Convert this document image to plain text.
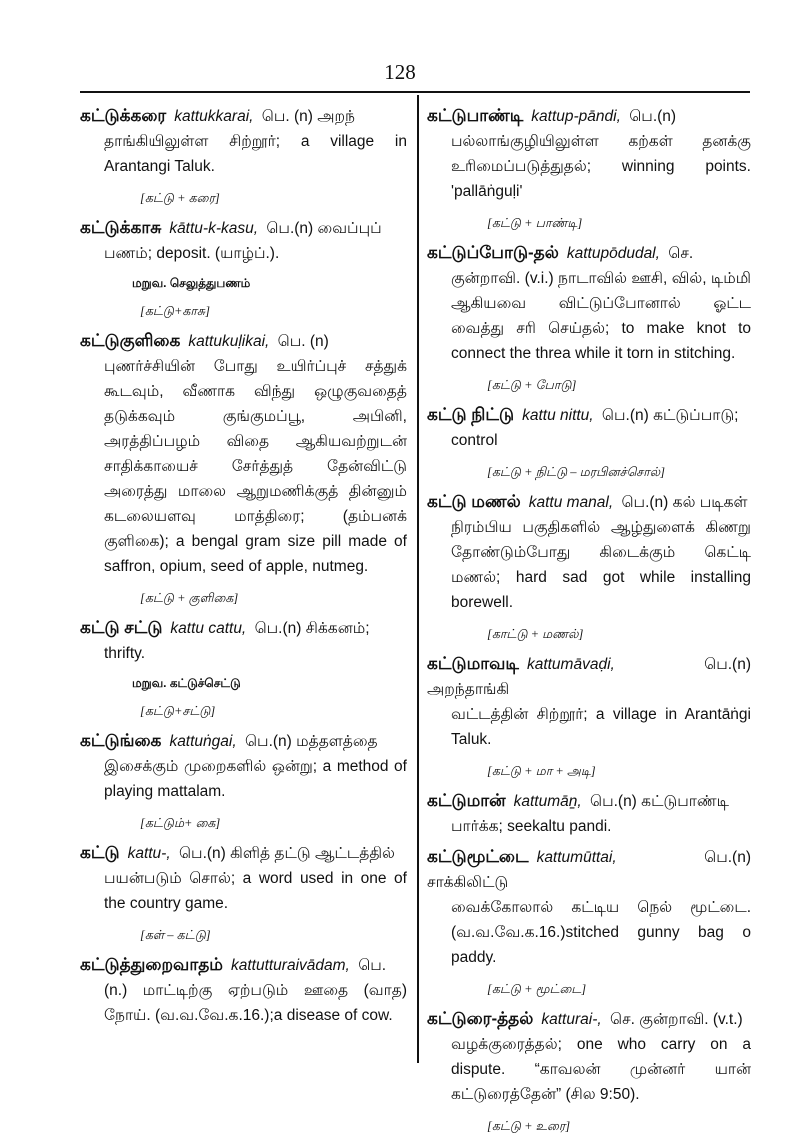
128
கட்டுக்கரை kattukkarai, பெ. (n) அறந்
தாங்கியிலுள்ள சிற்றூர்; a village in Arantangi Taluk.
[கட்டு + கரை]
கட்டுக்காசு kāttu-k-kasu, பெ.(n) வைப்புப்
பணம்; deposit. (யாழ்ப்.).
மறுவ. செலுத்துபணம்
[கட்டு+காசு]
கட்டுகுளிகை kattukuḷikai, பெ. (n)
புணர்ச்சியின் போது உயிர்ப்புச் சத்துக் கூடவும், வீணாக விந்து ஒழுகுவதைத் தடுக்கவும் குங்குமப்பூ, அபினி, அரத்திப்பழம் விதை ஆகியவற்றுடன் சாதிக்காயைச் சேர்த்துத் தேன்விட்டு அரைத்து மாலை ஆறுமணிக்குத் தின்னும் கடலையளவு மாத்திரை; (தம்பனக் குளிகை); a bengal gram size pill made of saffron, opium, seed of apple, nutmeg.
[கட்டு + குளிகை]
கட்டு சட்டு kattu cattu, பெ.(n) சிக்கனம்;
thrifty.
மறுவ. கட்டுச்செட்டு
[கட்டு+சட்டு]
கட்டுங்கை kattuṅgai, பெ.(n) மத்தளத்தை
இசைக்கும் முறைகளில் ஒன்று; a method of playing mattalam.
[கட்டும்+ கை]
கட்டு kattu-, பெ.(n) கிளித் தட்டு ஆட்டத்தில்
பயன்படும் சொல்; a word used in one of the country game.
[கள் – கட்டு]
கட்டுத்துறைவாதம் kattutturaivādam, பெ.
(n.) மாட்டிற்கு ஏற்படும் ஊதை (வாத) நோய். (வ.வ.வே.க.16.);a disease of cow.
கட்டுபாண்டி kattup-pāndi, பெ.(n)
பல்லாங்குழியிலுள்ள கற்கள் தனக்கு உரிமைப்படுத்துதல்; winning points. 'pallāṅguḷi'
[கட்டு + பாண்டி]
கட்டுப்போடு-தல் kattupōdudal, செ.
குன்றாவி. (v.i.) நாடாவில் ஊசி, வில், டிம்மி ஆகியவை விட்டுப்போனால் ஓட்ட வைத்து சரி செய்தல்; to make knot to connect the threa while it torn in stitching.
[கட்டு + போடு]
கட்டு நிட்டு kattu nittu, பெ.(n) கட்டுப்பாடு;
control
[கட்டு + நிட்டு – மரபினச்சொல்]
கட்டு மணல் kattu manal, பெ.(n) கல் படிகள்
நிரம்பிய பகுதிகளில் ஆழ்துளைக் கிணறு தோண்டும்போது கிடைக்கும் கெட்டி மணல்; hard sad got while installing borewell.
[காட்டு + மணல்]
கட்டுமாவடி kattumāvaḍi,	பெ.(n) அறந்தாங்கி
வட்டத்தின் சிற்றூர்; a village in Arantāṅgi Taluk.
[கட்டு + மா + அடி]
கட்டுமான் kattumāṉ, பெ.(n) கட்டுபாண்டி
பார்க்க; seekaltu pandi.
கட்டுமூட்டை kattumūttai,	பெ.(n) சாக்கிலிட்டு
வைக்கோலால் கட்டிய நெல் மூட்டை. (வ.வ.வே.க.16.)stitched gunny bag o paddy.
[கட்டு + மூட்டை]
கட்டுரை-த்தல் katturai-, செ. குன்றாவி. (v.t.)
வழக்குரைத்தல்; one who carry on a dispute. “காவலன் முன்னர் யான் கட்டுரைத்தேன்” (சில 9:50).
[கட்டு + உரை]
